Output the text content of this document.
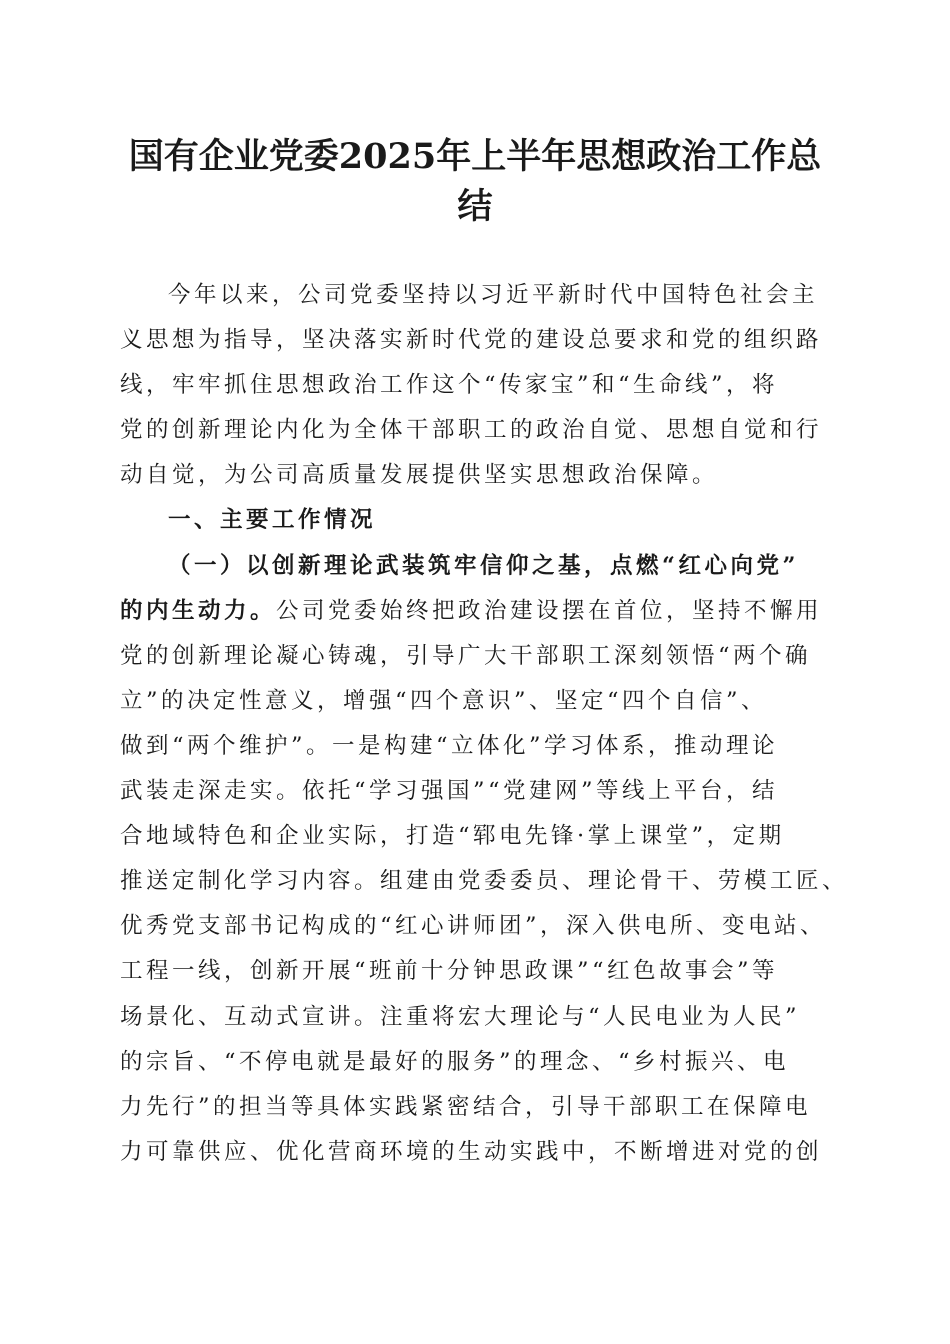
国有企业党委2025年上半年思想政治工作总
结
今年以来，公司党委坚持以习近平新时代中国特色社会主
义思想为指导，坚决落实新时代党的建设总要求和党的组织路
线，牢牢抓住思想政治工作这个“传家宝”和“生命线”，将
党的创新理论内化为全体干部职工的政治自觉、思想自觉和行
动自觉，为公司高质量发展提供坚实思想政治保障。
一、主要工作情况
（一）以创新理论武装筑牢信仰之基，点燃“红心向党”
的内生动力。公司党委始终把政治建设摆在首位，坚持不懈用
党的创新理论凝心铸魂，引导广大干部职工深刻领悟“两个确
立”的决定性意义，增强“四个意识”、坚定“四个自信”、
做到“两个维护”。一是构建“立体化”学习体系，推动理论
武装走深走实。依托“学习强国”“党建网”等线上平台，结
合地域特色和企业实际，打造“郓电先锋·掌上课堂”，定期
推送定制化学习内容。组建由党委委员、理论骨干、劳模工匠、
优秀党支部书记构成的“红心讲师团”，深入供电所、变电站、
工程一线，创新开展“班前十分钟思政课”“红色故事会”等
场景化、互动式宣讲。注重将宏大理论与“人民电业为人民”
的宗旨、“不停电就是最好的服务”的理念、“乡村振兴、电
力先行”的担当等具体实践紧密结合，引导干部职工在保障电
力可靠供应、优化营商环境的生动实践中，不断增进对党的创
